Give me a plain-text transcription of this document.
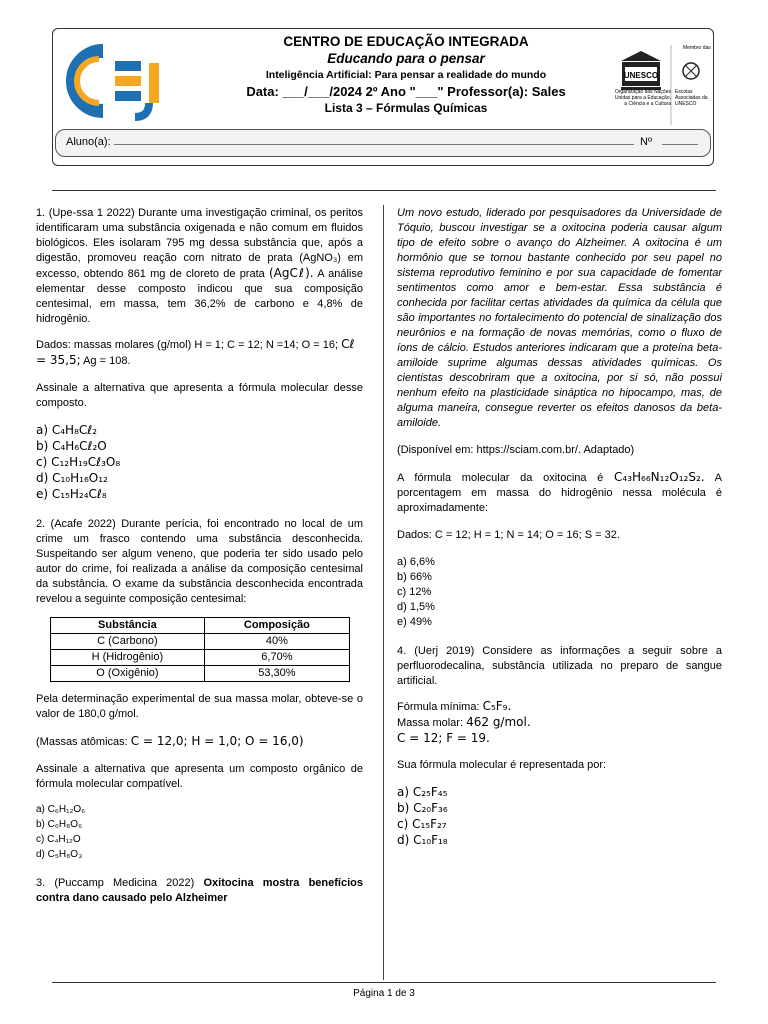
CENTRO DE EDUCAÇÃO INTEGRADA
Educando para o pensar
Inteligência Artificial: Para pensar a realidade do mundo
Data: ___/___/2024 2º Ano "___" Professor(a): Sales
Lista 3 – Fórmulas Químicas
UNESCO
Membro das
Organização das Nações Unidas para a Educação, a Ciência e a Cultura
Escolas Associadas da UNESCO
Aluno(a):	Nº

1. (Upe-ssa 1 2022) Durante uma investigação criminal, os peritos identificaram uma substância oxigenada e não comum em fluidos biológicos. Eles isolaram 795 mg dessa substância que, após a digestão, promoveu reação com nitrato de prata (AgNO₃) em excesso, obtendo 861 mg de cloreto de prata (AgCℓ). A análise elementar desse composto indicou que sua composição centesimal, em massa, tem 36,2% de carbono e 4,8% de hidrogênio.

Dados: massas molares (g/mol) H = 1; C = 12; N =14; O = 16; Cℓ = 35,5; Ag = 108.

Assinale a alternativa que apresenta a fórmula molecular desse composto.

a) C₄H₈Cℓ₂
b) C₄H₆Cℓ₂O
c) C₁₂H₁₉Cℓ₃O₈
d) C₁₀H₁₆O₁₂
e) C₁₅H₂₄Cℓ₈

2. (Acafe 2022) Durante perícia, foi encontrado no local de um crime um frasco contendo uma substância desconhecida. Suspeitando ser algum veneno, que poderia ter sido usado pelo autor do crime, foi realizada a análise da composição centesimal da substância. O exame da substância desconhecida encontrada revelou a seguinte composição centesimal:

Substância	Composição
C (Carbono)	40%
H (Hidrogênio)	6,70%
O (Oxigênio)	53,30%

Pela determinação experimental de sua massa molar, obteve-se o valor de 180,0 g/mol.

(Massas atômicas: C = 12,0; H = 1,0; O = 16,0)

Assinale a alternativa que apresenta um composto orgânico de fórmula molecular compatível.

a) C₆H₁₂O₆
b) C₆H₈O₆
c) C₄H₁₂O
d) C₅H₈O₃

3. (Puccamp Medicina 2022) Oxitocina mostra benefícios contra dano causado pelo Alzheimer

Um novo estudo, liderado por pesquisadores da Universidade de Tóquio, buscou investigar se a oxitocina poderia causar algum tipo de efeito sobre o avanço do Alzheimer. A oxitocina é um hormônio que se tornou bastante conhecido por seu papel no sistema reprodutivo feminino e por sua capacidade de fomentar sentimentos como amor e bem-estar. Essa substância é conhecida por facilitar certas atividades da química da célula que são importantes no fortalecimento do potencial de sinalização dos neurônios e na formação de novas memórias, como o fluxo de íons de cálcio. Estudos anteriores indicaram que a proteína beta-amiloide suprime algumas dessas atividades químicas. Os cientistas descobriram que a oxitocina, por si só, não possui nenhum efeito na plasticidade sináptica no hipocampo, mas, de alguma maneira, consegue reverter os efeitos danosos da beta-amiloide.

(Disponível em: https://sciam.com.br/. Adaptado)

A fórmula molecular da oxitocina é C₄₃H₆₆N₁₂O₁₂S₂. A porcentagem em massa do hidrogênio nessa molécula é aproximadamente:

Dados: C = 12; H = 1; N = 14; O = 16; S = 32.

a) 6,6%
b) 66%
c) 12%
d) 1,5%
e) 49%

4. (Uerj 2019) Considere as informações a seguir sobre a perfluorodecalina, substância utilizada no preparo de sangue artificial.

Fórmula mínima: C₅F₉.

Massa molar: 462 g/mol.

C = 12; F = 19.

Sua fórmula molecular é representada por:

a) C₂₅F₄₅
b) C₂₀F₃₆
c) C₁₅F₂₇
d) C₁₀F₁₈
Página 1 de 3
